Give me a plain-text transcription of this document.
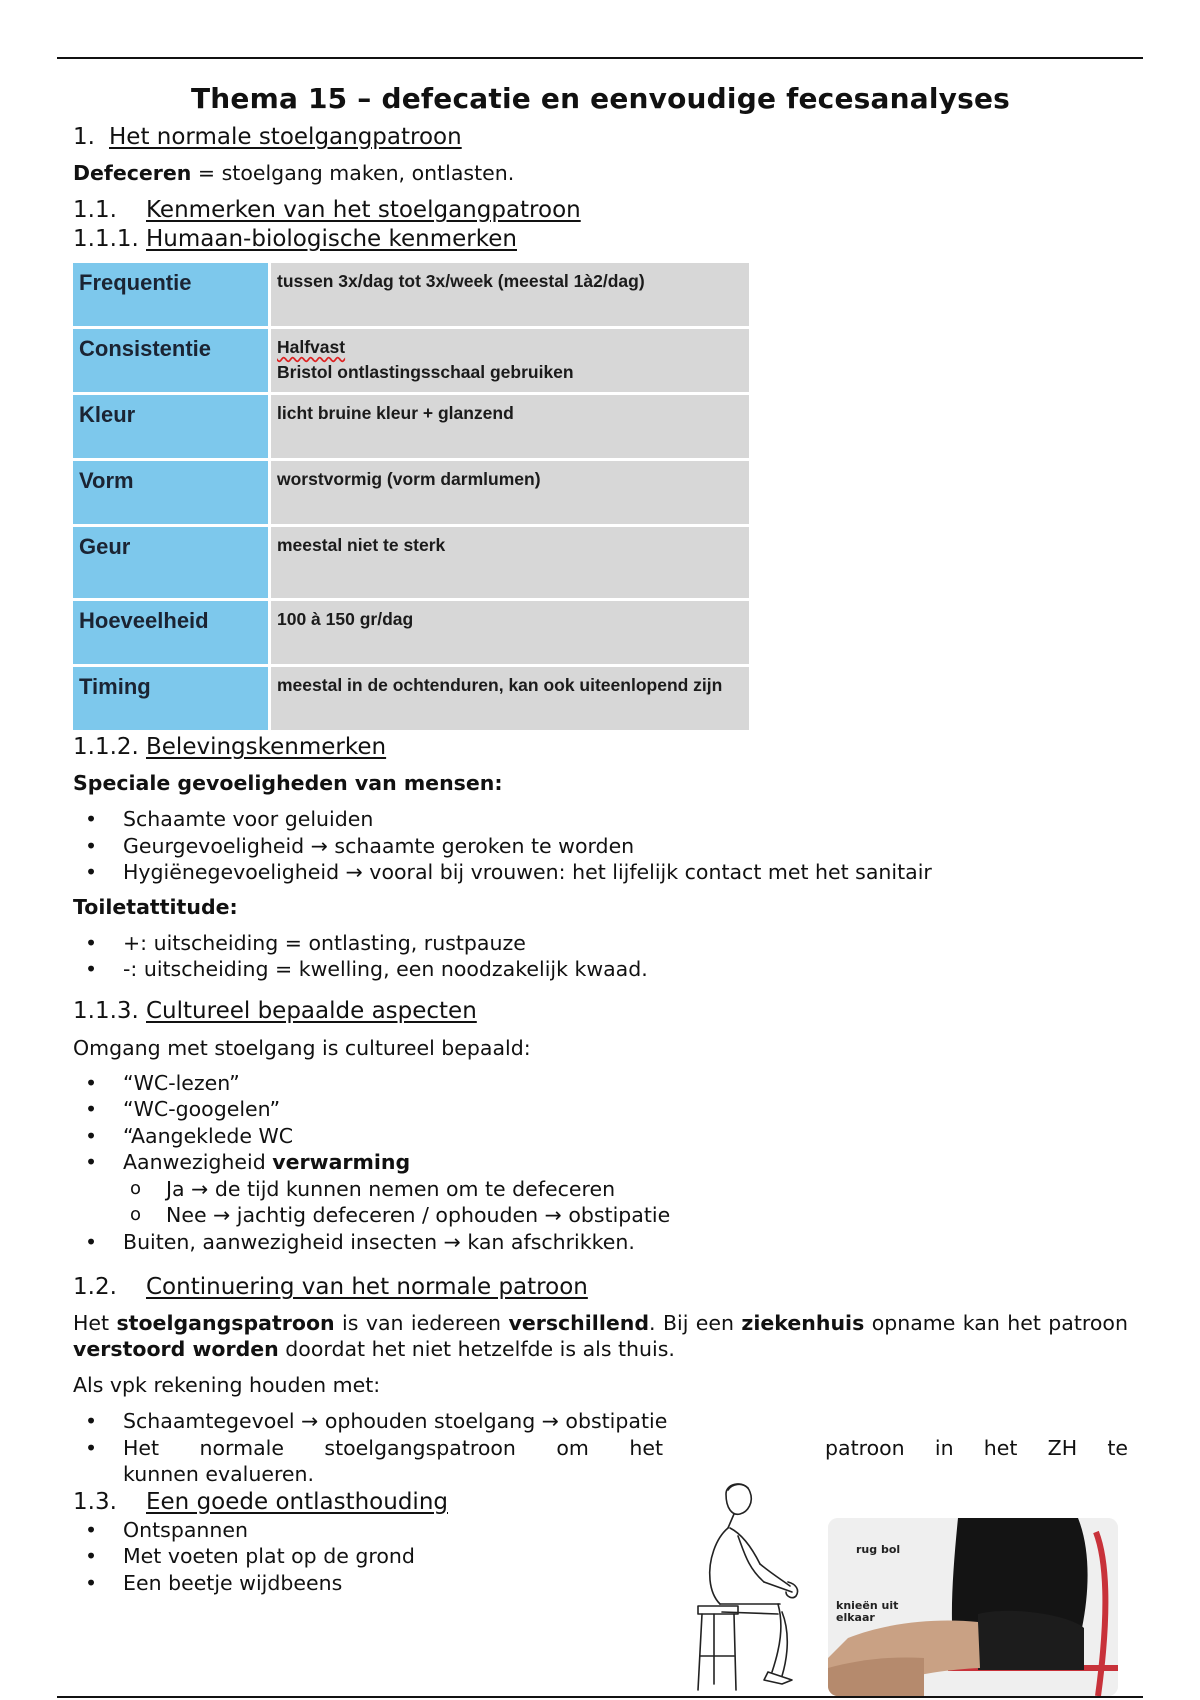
Thema 15 – defecatie en eenvoudige fecesanalyses
1. Het normale stoelgangpatroon

Defeceren = stoelgang maken, ontlasten.

1.1.	Kenmerken van het stoelgangpatroon
1.1.1. Humaan-biologische kenmerken
Frequentie	tussen 3x/dag tot 3x/week (meestal 1à2/dag)
Consistentie	Halfvast
Bristol ontlastingsschaal gebruiken
Kleur	licht bruine kleur + glanzend
Vorm	worstvormig (vorm darmlumen)
Geur	meestal niet te sterk
Hoeveelheid	100 à 150 gr/dag
Timing	meestal in de ochtenduren, kan ook uiteenlopend zijn
1.1.2. Belevingskenmerken

Speciale gevoeligheden van mensen:

• Schaamte voor geluiden
• Geurgevoeligheid → schaamte geroken te worden
• Hygiënegevoeligheid → vooral bij vrouwen: het lijfelijk contact met het sanitair

Toiletattitude:

• +: uitscheiding = ontlasting, rustpauze
• -: uitscheiding = kwelling, een noodzakelijk kwaad.
1.1.3. Cultureel bepaalde aspecten

Omgang met stoelgang is cultureel bepaald:

• “WC-lezen”
• “WC-googelen”
• “Aangeklede WC
• Aanwezigheid verwarming
o Ja → de tijd kunnen nemen om te defeceren
o Nee → jachtig defeceren / ophouden → obstipatie
• Buiten, aanwezigheid insecten → kan afschrikken.
1.2.	Continuering van het normale patroon

Het stoelgangspatroon is van iedereen verschillend. Bij een ziekenhuis opname kan het patroon verstoord worden doordat het niet hetzelfde is als thuis.

Als vpk rekening houden met:

• Schaamtegevoel → ophouden stoelgang → obstipatie
• Het normale stoelgangspatroon om het	patroon in het ZH te
kunnen evalueren.
1.3.	Een goede ontlasthouding
• Ontspannen
• Met voeten plat op de grond
• Een beetje wijdbeens
rug bol
knieën uit
elkaar
